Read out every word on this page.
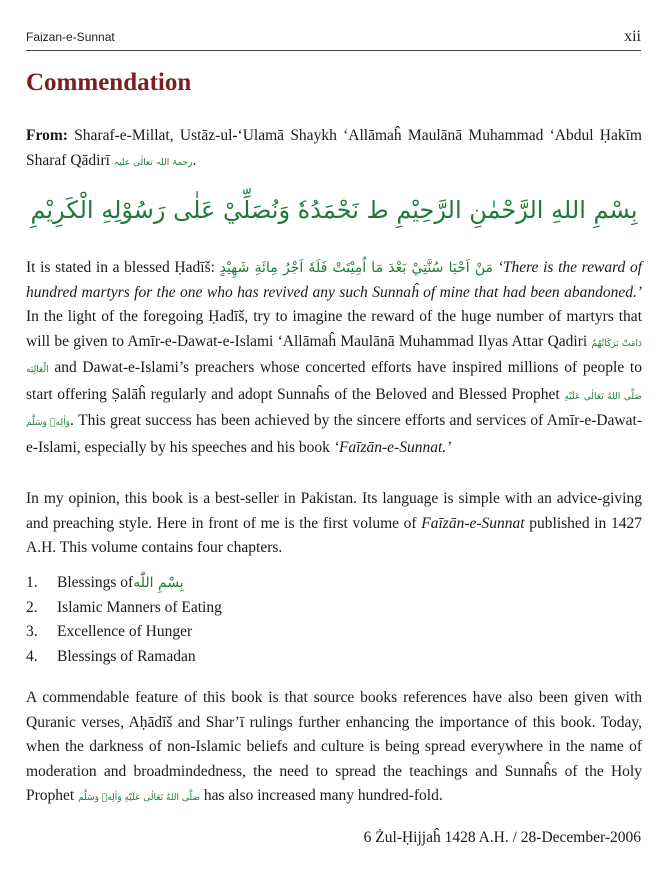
Faizan-e-Sunnat	xii
Commendation

From: Sharaf-e-Millat, Ustāz-ul-‘Ulamā Shaykh ‘Allāmaĥ Maulānā Muhammad ‘Abdul Ḥakīm Sharaf Qādirī رحمۃ اللہ تعالٰی علیہ.

بِسْمِ اللهِ الرَّحْمٰنِ الرَّحِيْمِ ط نَحْمَدُهٗ وَنُصَلِّيْ عَلٰى رَسُوْلِهِ الْكَرِيْمِ

It is stated in a blessed Ḥadīš: مَنْ اَحْيَا سُنَّتِيْ بَعْدَ مَا اُمِيْتَتْ فَلَهٗ اَجْرُ مِائَةِ شَهِيْدٍ ‘There is the reward of hundred martyrs for the one who has revived any such Sunnaĥ of mine that had been abandoned.’ In the light of the foregoing Ḥadīš, try to imagine the reward of the huge number of martyrs that will be given to Amīr-e-Dawat-e-Islami ‘Allāmaĥ Maulānā Muhammad Ilyas Attar Qadiri دَامَتْ بَرَكَاتُهُمُ الْعَالِيَه and Dawat-e-Islami’s preachers whose concerted efforts have inspired millions of people to start offering Ṣalāĥ regularly and adopt Sunnaĥs of the Beloved and Blessed Prophet صَلَّى اللهُ تَعَالٰى عَلَيْهِ وَاٰلِهٖ وَسَلَّم. This great success has been achieved by the sincere efforts and services of Amīr-e-Dawat-e-Islami, especially by his speeches and his book ‘Faīzān-e-Sunnat.’

In my opinion, this book is a best-seller in Pakistan. Its language is simple with an advice-giving and preaching style. Here in front of me is the first volume of Faīzān-e-Sunnat published in 1427 A.H. This volume contains four chapters.

1.	Blessings of بِسْمِ اللّٰه
2.	Islamic Manners of Eating
3.	Excellence of Hunger
4.	Blessings of Ramadan

A commendable feature of this book is that source books references have also been given with Quranic verses, Aḥādīš and Shar’ī rulings further enhancing the importance of this book. Today, when the darkness of non-Islamic beliefs and culture is being spread everywhere in the name of moderation and broadmindedness, the need to spread the teachings and Sunnaĥs of the Holy Prophet صَلَّى اللهُ تَعَالٰى عَلَيْهِ وَاٰلِهٖ وَسَلَّم has also increased many hundred-fold.

6 Żul-Ḥijjaĥ 1428 A.H. / 28-December-2006
